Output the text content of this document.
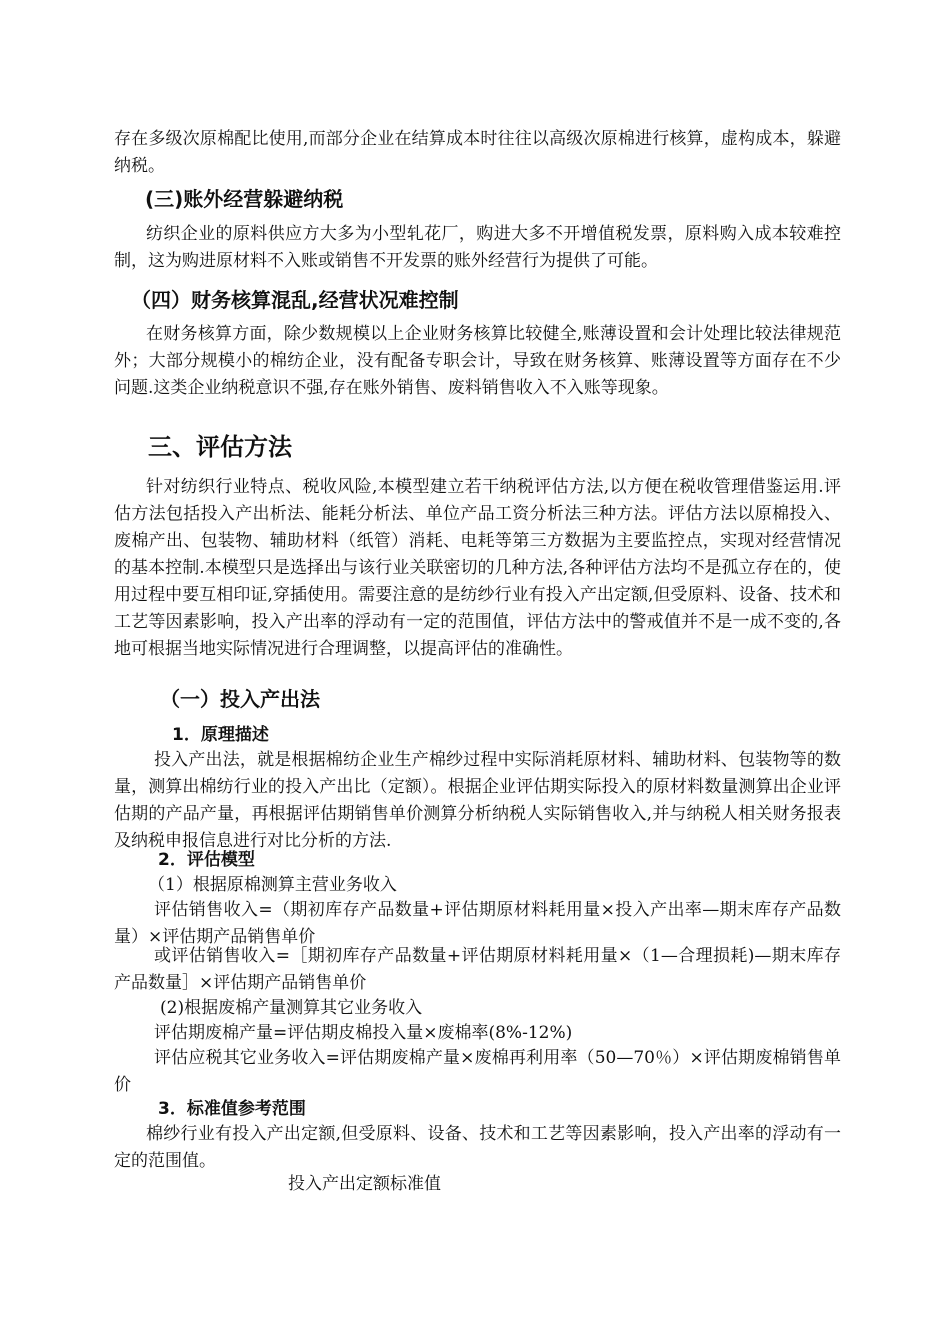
存在多级次原棉配比使用,而部分企业在结算成本时往往以高级次原棉进行核算，虚构成本，躲避纳税。

(三)账外经营躲避纳税

纺织企业的原料供应方大多为小型轧花厂，购进大多不开增值税发票，原料购入成本较难控制，这为购进原材料不入账或销售不开发票的账外经营行为提供了可能。

（四）财务核算混乱,经营状况难控制

在财务核算方面，除少数规模以上企业财务核算比较健全,账薄设置和会计处理比较法律规范外；大部分规模小的棉纺企业，没有配备专职会计，导致在财务核算、账薄设置等方面存在不少问题.这类企业纳税意识不强,存在账外销售、废料销售收入不入账等现象。

三、评估方法

针对纺织行业特点、税收风险,本模型建立若干纳税评估方法,以方便在税收管理借鉴运用.评估方法包括投入产出析法、能耗分析法、单位产品工资分析法三种方法。评估方法以原棉投入、废棉产出、包装物、辅助材料（纸管）消耗、电耗等第三方数据为主要监控点，实现对经营情况的基本控制.本模型只是选择出与该行业关联密切的几种方法,各种评估方法均不是孤立存在的，使用过程中要互相印证,穿插使用。需要注意的是纺纱行业有投入产出定额,但受原料、设备、技术和工艺等因素影响，投入产出率的浮动有一定的范围值，评估方法中的警戒值并不是一成不变的,各地可根据当地实际情况进行合理调整，以提高评估的准确性。

（一）投入产出法
1．原理描述

投入产出法，就是根据棉纺企业生产棉纱过程中实际消耗原材料、辅助材料、包装物等的数量，测算出棉纺行业的投入产出比（定额）。根据企业评估期实际投入的原材料数量测算出企业评估期的产品产量，再根据评估期销售单价测算分析纳税人实际销售收入,并与纳税人相关财务报表及纳税申报信息进行对比分析的方法.

2．评估模型

（1）根据原棉测算主营业务收入

评估销售收入=（期初库存产品数量+评估期原材料耗用量×投入产出率—期末库存产品数量）×评估期产品销售单价

或评估销售收入=［期初库存产品数量+评估期原材料耗用量×（1—合理损耗)—期末库存产品数量］×评估期产品销售单价

(2)根据废棉产量测算其它业务收入

评估期废棉产量=评估期皮棉投入量×废棉率(8%-12%)

评估应税其它业务收入=评估期废棉产量×废棉再利用率（50—70％）×评估期废棉销售单价

3．标准值参考范围

棉纱行业有投入产出定额,但受原料、设备、技术和工艺等因素影响，投入产出率的浮动有一定的范围值。

投入产出定额标准值
